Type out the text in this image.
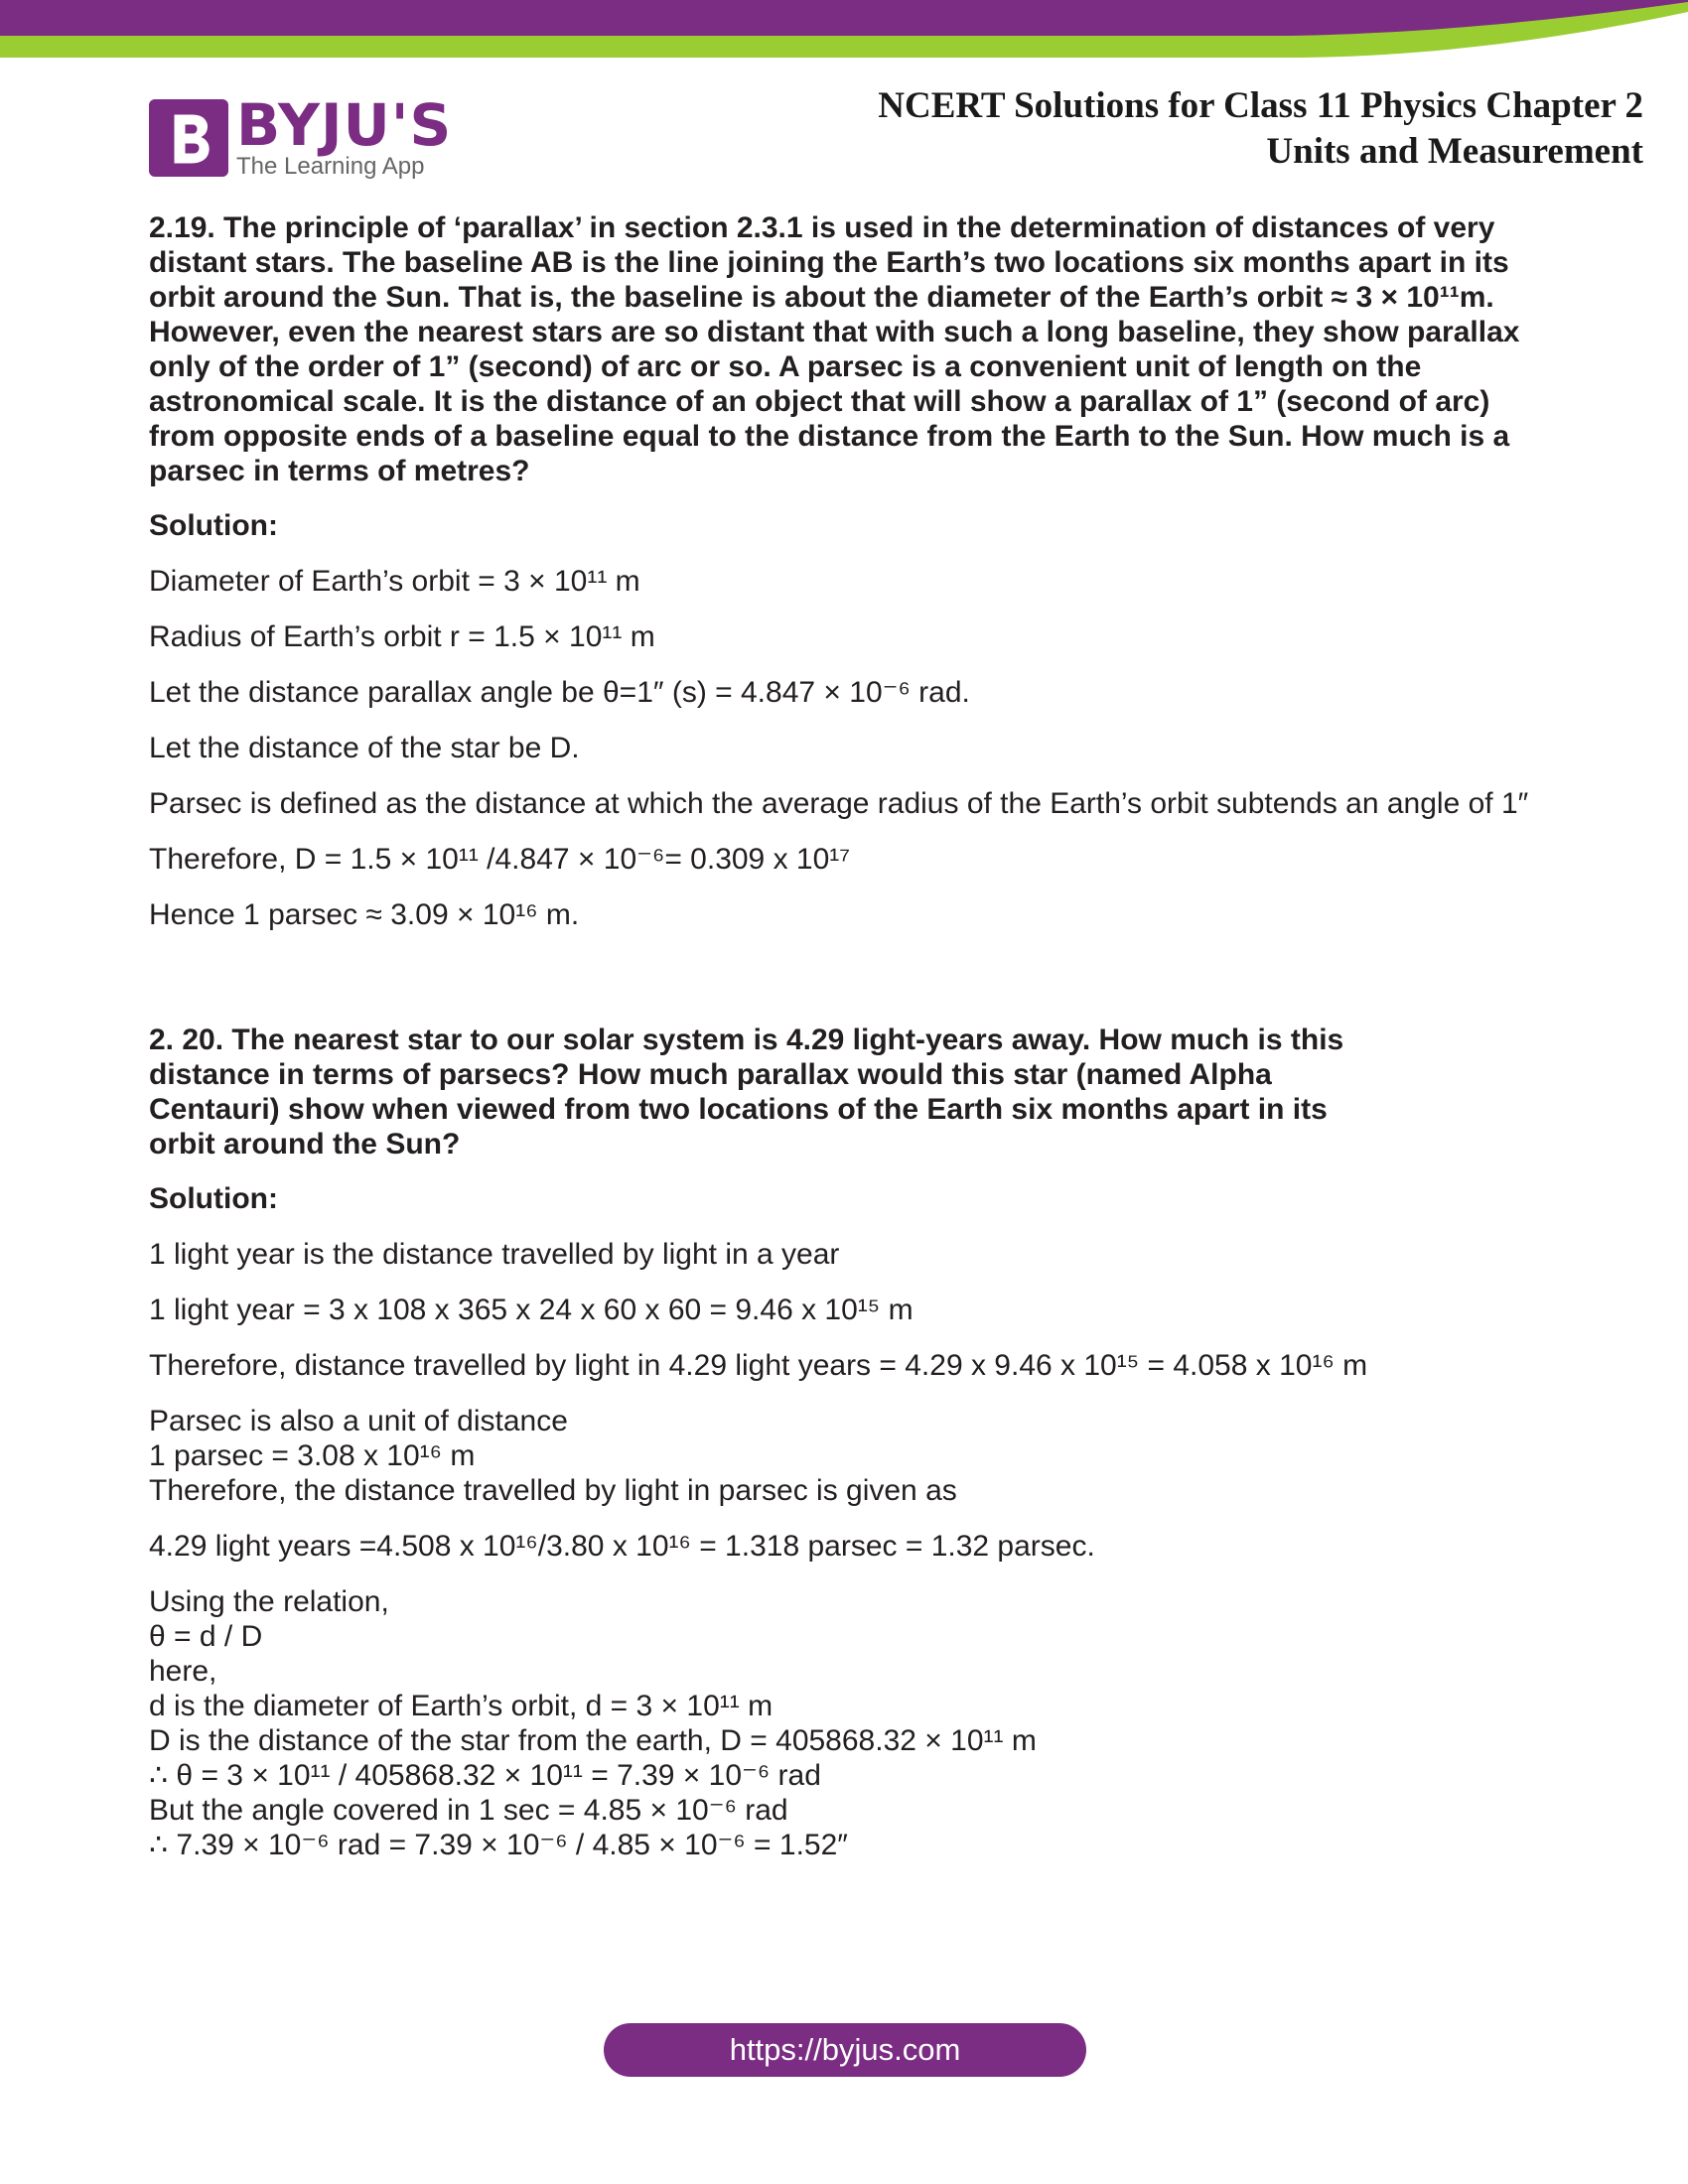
BYJU'S
The Learning App
NCERT Solutions for Class 11 Physics Chapter 2
Units and Measurement

2.19. The principle of ‘parallax’ in section 2.3.1 is used in the determination of distances of very distant stars. The baseline AB is the line joining the Earth’s two locations six months apart in its orbit around the Sun. That is, the baseline is about the diameter of the Earth’s orbit ≈ 3 × 10¹¹m. However, even the nearest stars are so distant that with such a long baseline, they show parallax only of the order of 1” (second) of arc or so. A parsec is a convenient unit of length on the astronomical scale. It is the distance of an object that will show a parallax of 1” (second of arc) from opposite ends of a baseline equal to the distance from the Earth to the Sun. How much is a parsec in terms of metres?

Solution:

Diameter of Earth’s orbit = 3 × 10¹¹ m

Radius of Earth’s orbit r = 1.5 × 10¹¹ m

Let the distance parallax angle be θ=1″ (s) = 4.847 × 10⁻⁶ rad.

Let the distance of the star be D.

Parsec is defined as the distance at which the average radius of the Earth’s orbit subtends an angle of 1″

Therefore, D = 1.5 × 10¹¹ /4.847 × 10⁻⁶= 0.309 x 10¹⁷

Hence 1 parsec ≈ 3.09 × 10¹⁶ m.

2. 20. The nearest star to our solar system is 4.29 light-years away. How much is this distance in terms of parsecs? How much parallax would this star (named Alpha Centauri) show when viewed from two locations of the Earth six months apart in its orbit around the Sun?

Solution:

1 light year is the distance travelled by light in a year

1 light year = 3 x 108 x 365 x 24 x 60 x 60 = 9.46 x 10¹⁵ m

Therefore, distance travelled by light in 4.29 light years = 4.29 x 9.46 x 10¹⁵ = 4.058 x 10¹⁶ m

Parsec is also a unit of distance

1 parsec = 3.08 x 10¹⁶ m

Therefore, the distance travelled by light in parsec is given as

4.29 light years =4.508 x 10¹⁶/3.80 x 10¹⁶ = 1.318 parsec = 1.32 parsec.

Using the relation,

θ = d / D

here,

d is the diameter of Earth’s orbit, d = 3 × 10¹¹ m

D is the distance of the star from the earth, D = 405868.32 × 10¹¹ m

∴ θ = 3 × 10¹¹ / 405868.32 × 10¹¹ = 7.39 × 10⁻⁶ rad

But the angle covered in 1 sec = 4.85 × 10⁻⁶ rad

∴ 7.39 × 10⁻⁶ rad = 7.39 × 10⁻⁶ / 4.85 × 10⁻⁶ = 1.52″

https://byjus.com
